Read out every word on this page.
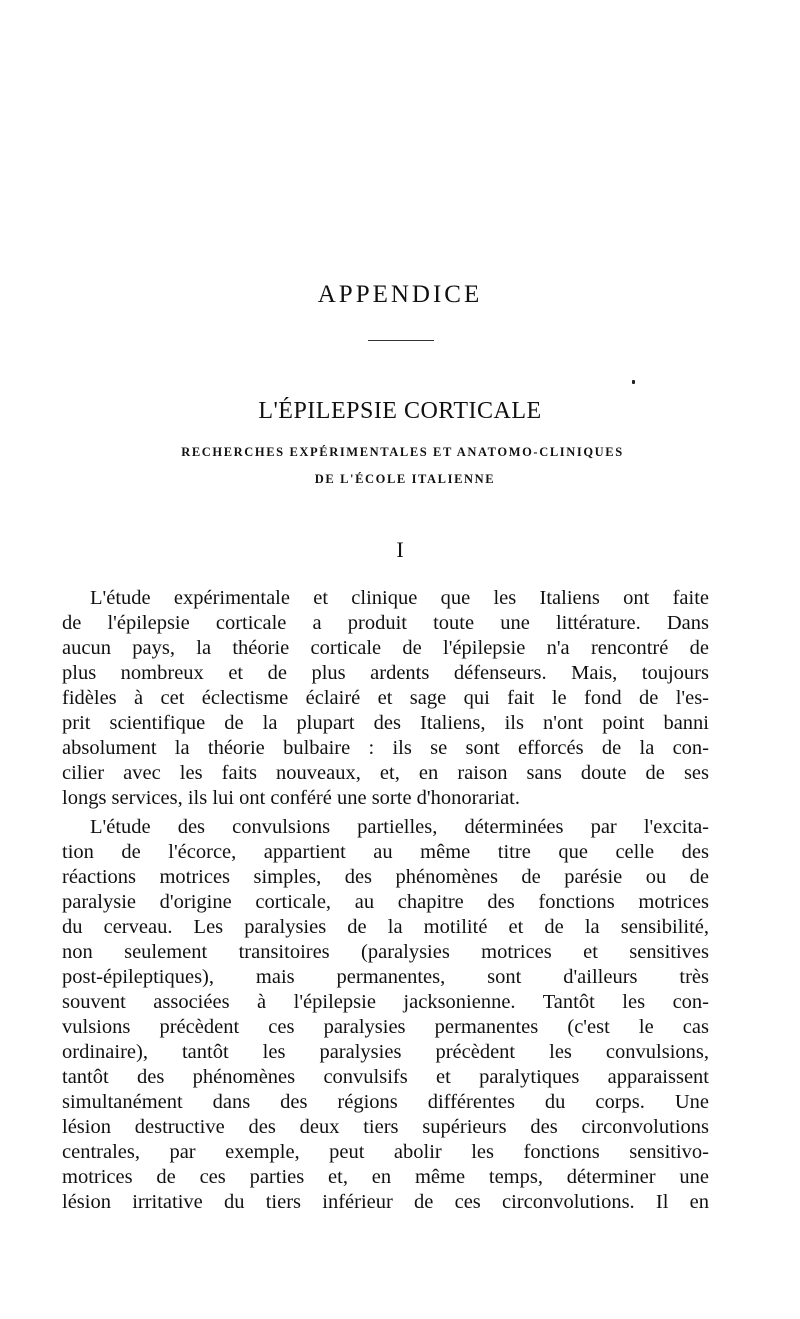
APPENDICE
L'ÉPILEPSIE CORTICALE
RECHERCHES EXPÉRIMENTALES ET ANATOMO-CLINIQUES
DE L'ÉCOLE ITALIENNE
I
L'étude expérimentale et clinique que les Italiens ont faite
de l'épilepsie corticale a produit toute une littérature. Dans
aucun pays, la théorie corticale de l'épilepsie n'a rencontré de
plus nombreux et de plus ardents défenseurs. Mais, toujours
fidèles à cet éclectisme éclairé et sage qui fait le fond de l'es-
prit scientifique de la plupart des Italiens, ils n'ont point banni
absolument la théorie bulbaire : ils se sont efforcés de la con-
cilier avec les faits nouveaux, et, en raison sans doute de ses
longs services, ils lui ont conféré une sorte d'honorariat.
L'étude des convulsions partielles, déterminées par l'excita-
tion de l'écorce, appartient au même titre que celle des
réactions motrices simples, des phénomènes de parésie ou de
paralysie d'origine corticale, au chapitre des fonctions motrices
du cerveau. Les paralysies de la motilité et de la sensibilité,
non seulement transitoires (paralysies motrices et sensitives
post-épileptiques), mais permanentes, sont d'ailleurs très
souvent associées à l'épilepsie jacksonienne. Tantôt les con-
vulsions précèdent ces paralysies permanentes (c'est le cas
ordinaire), tantôt les paralysies précèdent les convulsions,
tantôt des phénomènes convulsifs et paralytiques apparaissent
simultanément dans des régions différentes du corps. Une
lésion destructive des deux tiers supérieurs des circonvolutions
centrales, par exemple, peut abolir les fonctions sensitivo-
motrices de ces parties et, en même temps, déterminer une
lésion irritative du tiers inférieur de ces circonvolutions. Il en
